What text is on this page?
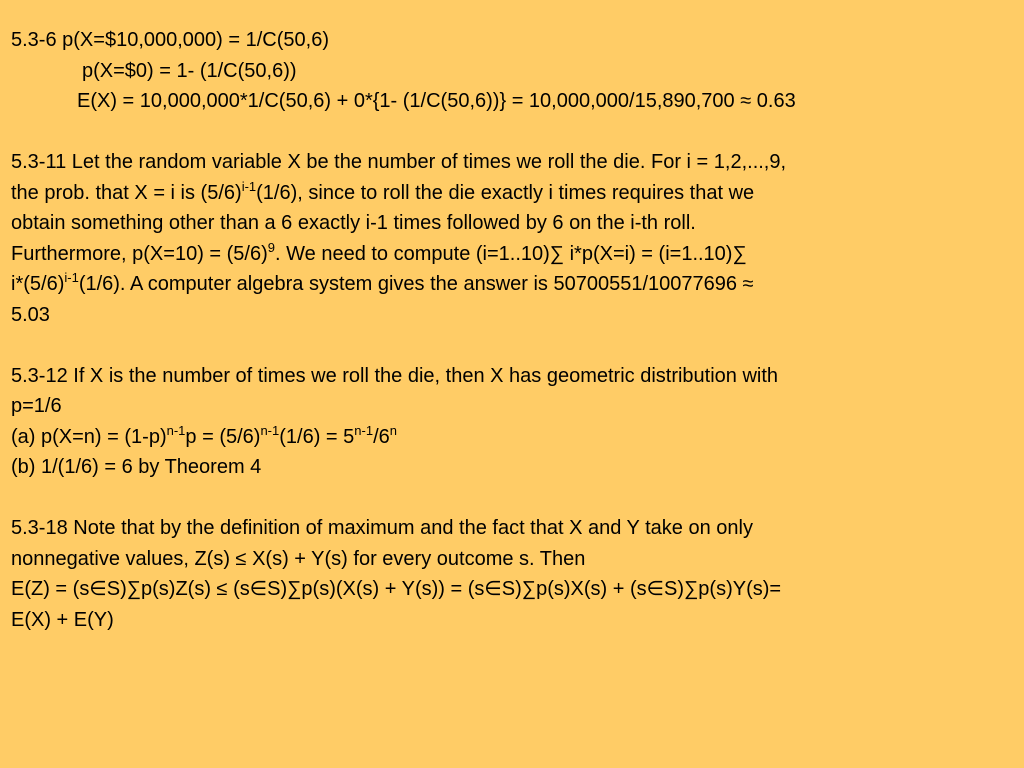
5.3-6 p(X=$10,000,000) = 1/C(50,6)
p(X=$0) = 1- (1/C(50,6))
E(X) = 10,000,000*1/C(50,6) + 0*{1- (1/C(50,6))} = 10,000,000/15,890,700 ≈ 0.63
5.3-11 Let the random variable X be the number of times we roll the die. For i = 1,2,...,9,
the prob. that X = i is $(5/6)^{i-1}(1/6)$, since to roll the die exactly i times requires that we
obtain something other than a 6 exactly i-1 times followed by 6 on the i-th roll.
Furthermore, $p(X=10) = (5/6)^9$. We need to compute (i=1..10)∑ i*p(X=i) = (i=1..10)∑
$i*(5/6)^{i-1}(1/6)$. A computer algebra system gives the answer is 50700551/10077696 ≈
5.03
5.3-12 If X is the number of times we roll the die, then X has geometric distribution with
p=1/6
(a) $p(X=n) = (1-p)^{n-1}p = (5/6)^{n-1}(1/6) = 5^{n-1}/6^n$
(b) 1/(1/6) = 6 by Theorem 4
5.3-18 Note that by the definition of maximum and the fact that X and Y take on only
nonnegative values, Z(s) ≤ X(s) + Y(s) for every outcome s. Then
E(Z) = (s∈S)∑p(s)Z(s) ≤ (s∈S)∑p(s)(X(s) + Y(s)) = (s∈S)∑p(s)X(s) + (s∈S)∑p(s)Y(s)=
E(X) + E(Y)
